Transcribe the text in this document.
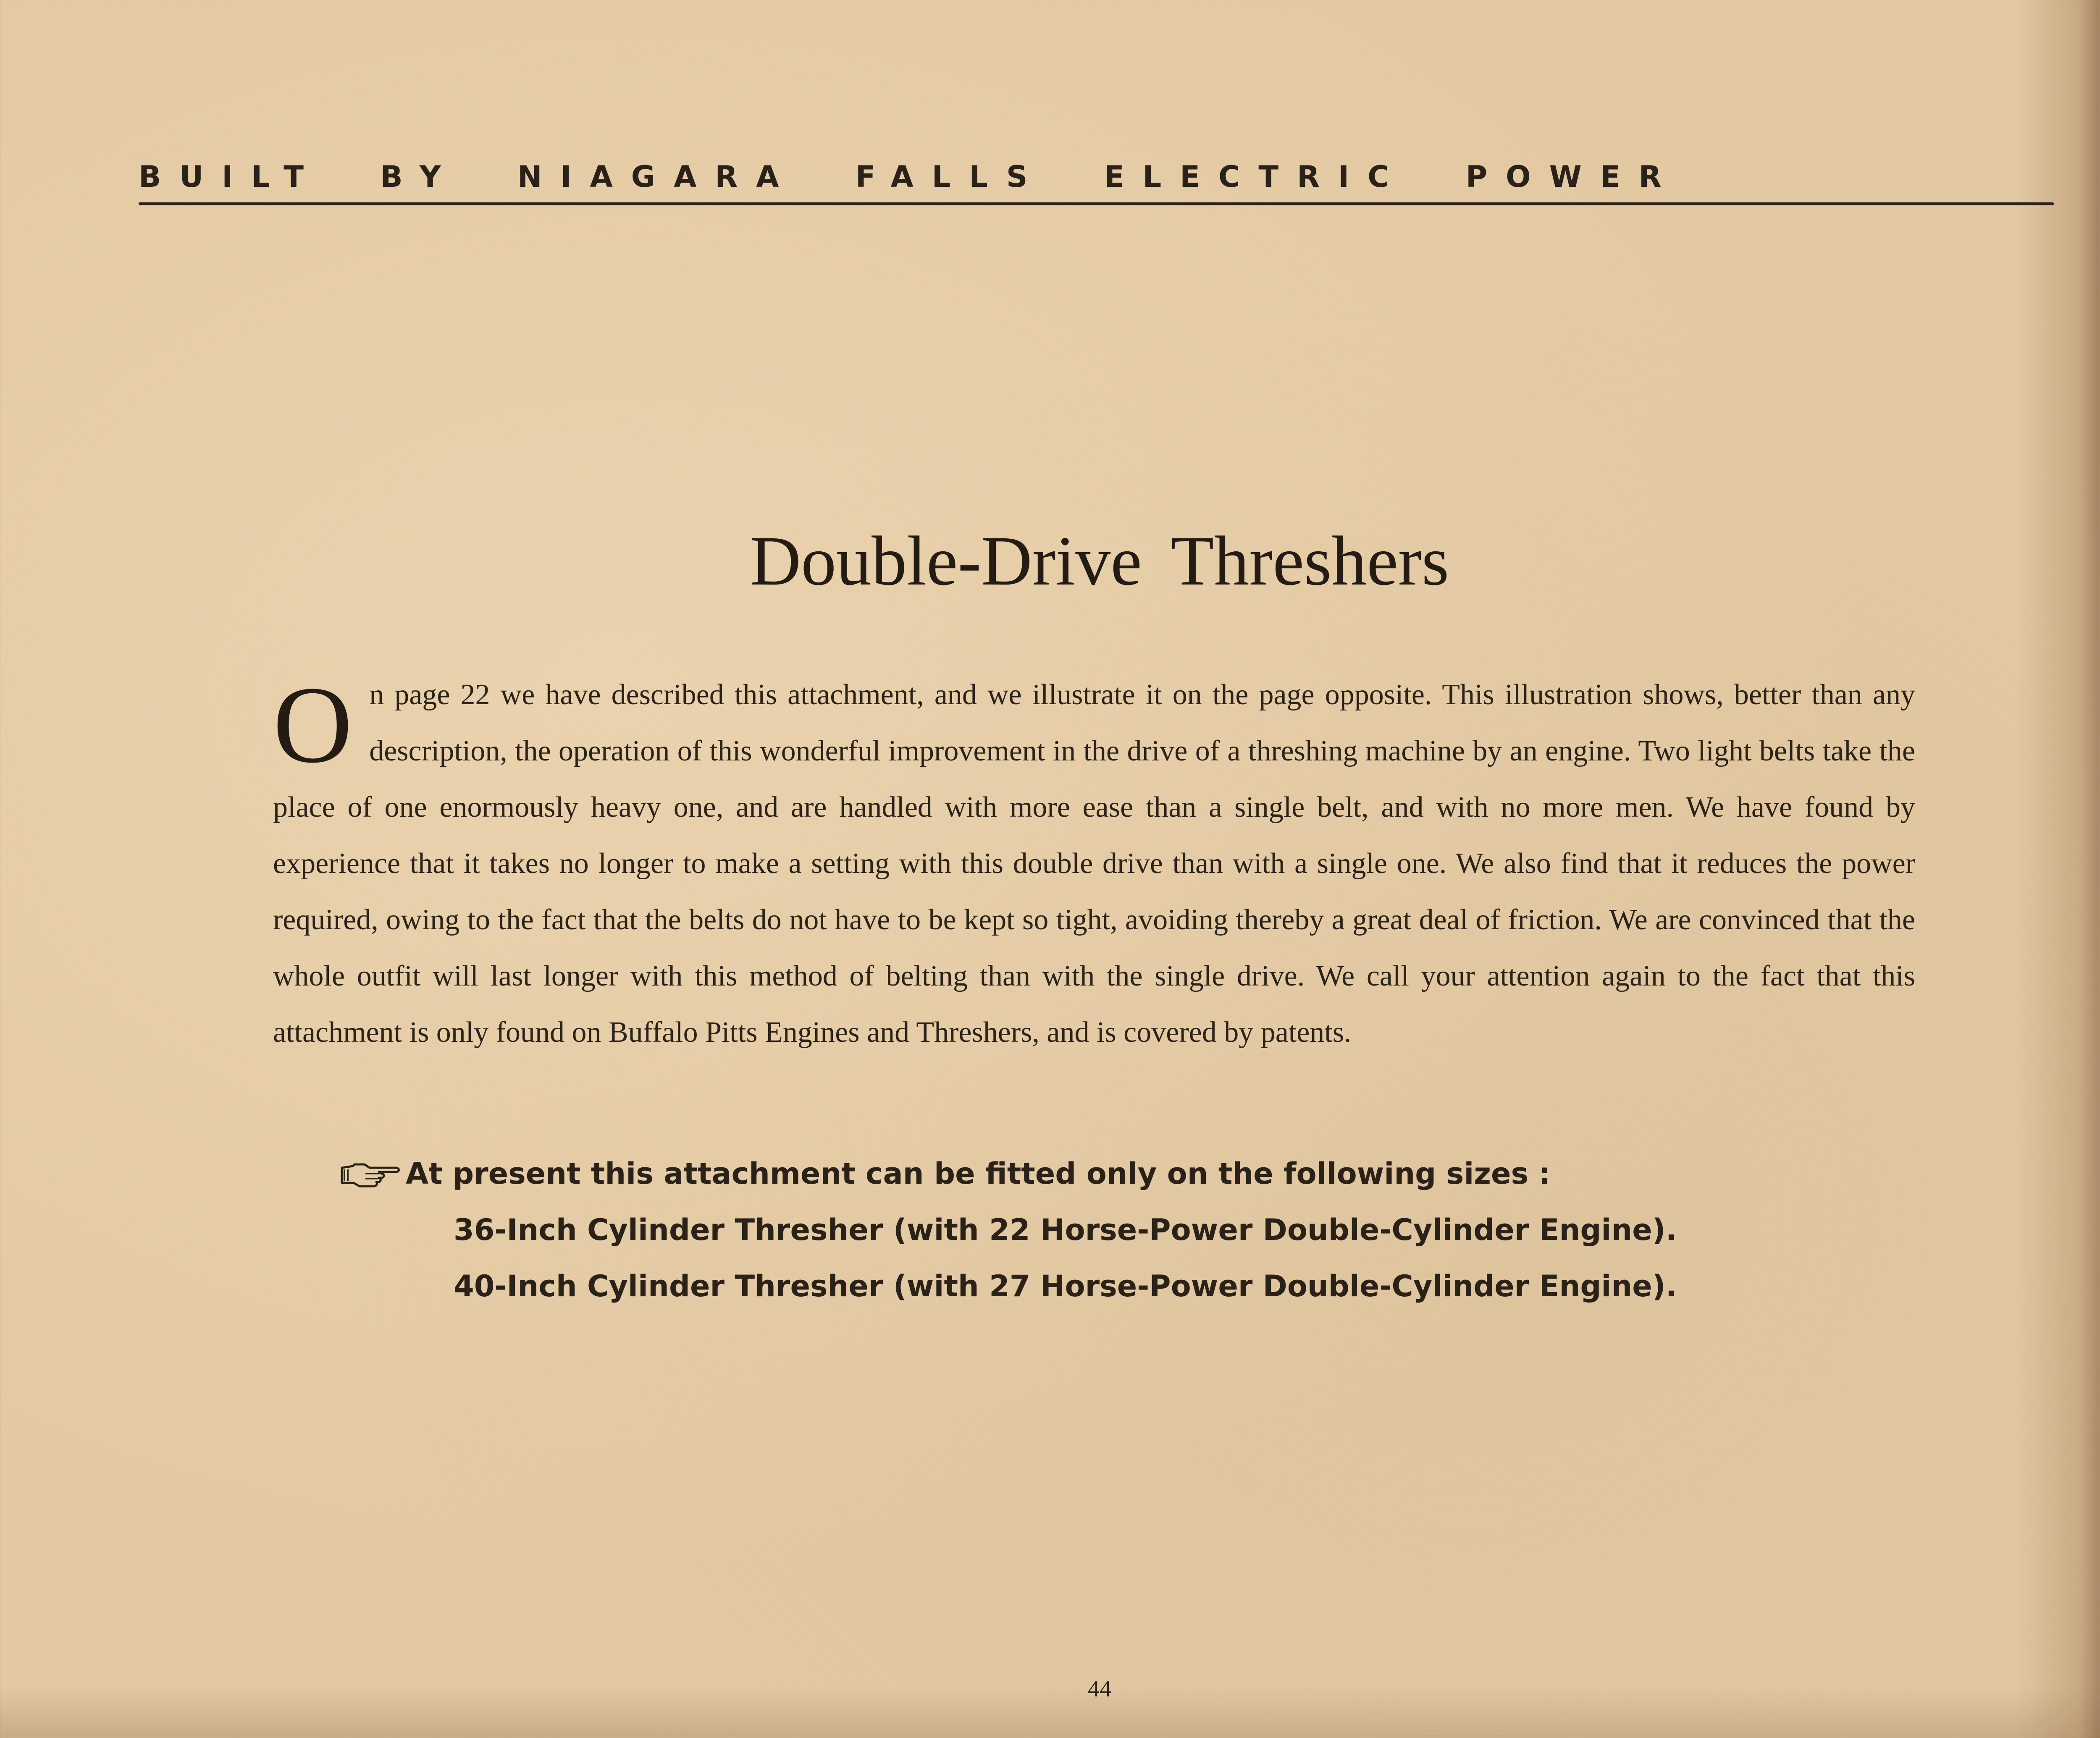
BUILT BY NIAGARA FALLS ELECTRIC POWER
Double-Drive Threshers

On page 22 we have described this attachment, and we illustrate it on the page opposite. This illustration shows, better than any description, the operation of this wonderful improvement in the drive of a threshing machine by an engine. Two light belts take the place of one enormously heavy one, and are handled with more ease than a single belt, and with no more men. We have found by experience that it takes no longer to make a setting with this double drive than with a single one. We also find that it reduces the power required, owing to the fact that the belts do not have to be kept so tight, avoiding thereby a great deal of friction. We are convinced that the whole outfit will last longer with this method of belting than with the single drive. We call your attention again to the fact that this attachment is only found on Buffalo Pitts Engines and Threshers, and is covered by patents.

At present this attachment can be fitted only on the following sizes :
36-Inch Cylinder Thresher (with 22 Horse-Power Double-Cylinder Engine).
40-Inch Cylinder Thresher (with 27 Horse-Power Double-Cylinder Engine).
44
